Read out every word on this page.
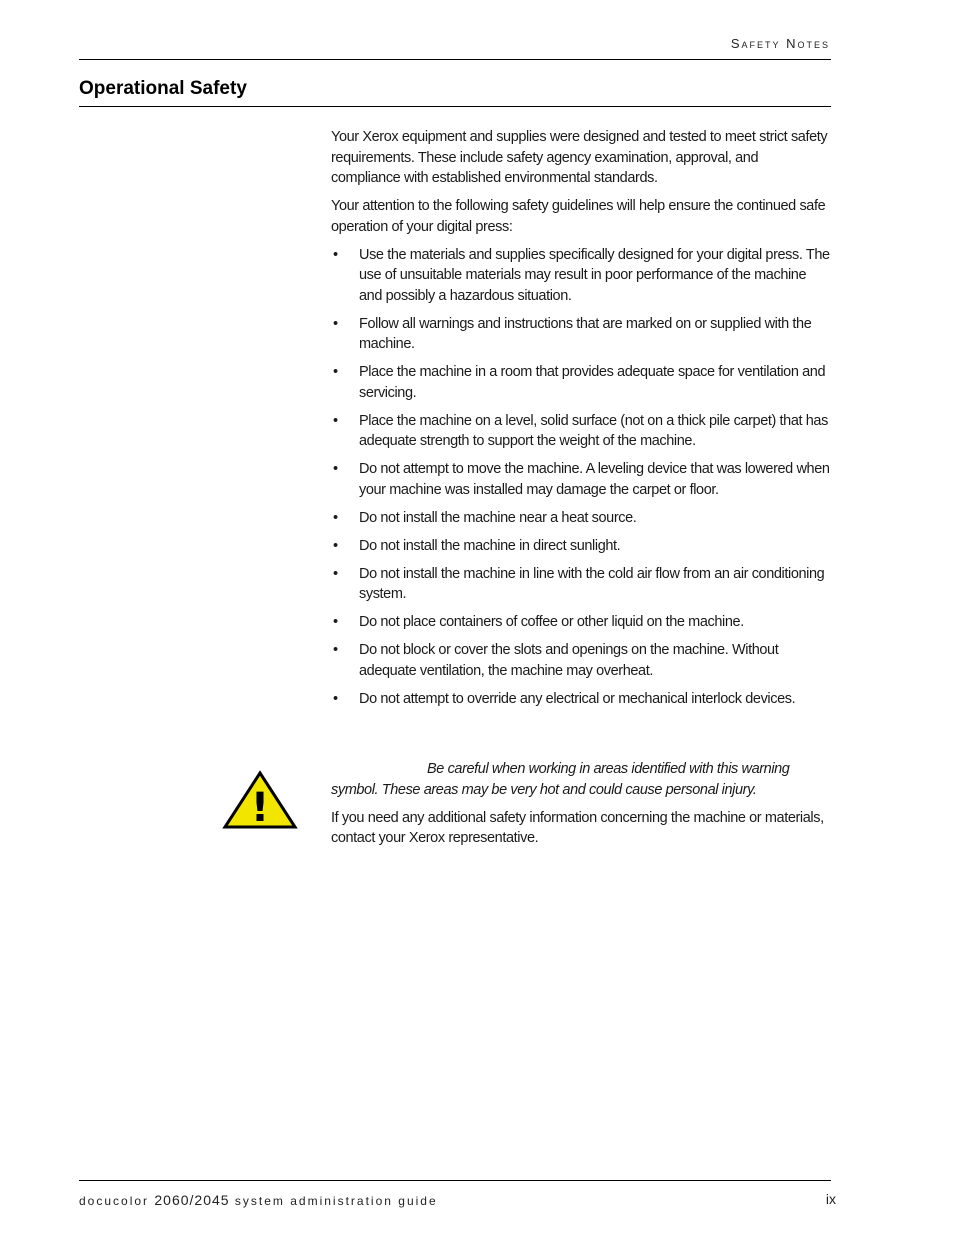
Safety Notes
Operational Safety

Your Xerox equipment and supplies were designed and tested to meet strict safety requirements. These include safety agency examination, approval, and compliance with established environmental standards.

Your attention to the following safety guidelines will help ensure the continued safe operation of your digital press:

• Use the materials and supplies specifically designed for your digital press. The use of unsuitable materials may result in poor performance of the machine and possibly a hazardous situation.
• Follow all warnings and instructions that are marked on or supplied with the machine.
• Place the machine in a room that provides adequate space for ventilation and servicing.
• Place the machine on a level, solid surface (not on a thick pile carpet) that has adequate strength to support the weight of the machine.
• Do not attempt to move the machine. A leveling device that was lowered when your machine was installed may damage the carpet or floor.
• Do not install the machine near a heat source.
• Do not install the machine in direct sunlight.
• Do not install the machine in line with the cold air flow from an air conditioning system.
• Do not place containers of coffee or other liquid on the machine.
• Do not block or cover the slots and openings on the machine. Without adequate ventilation, the machine may overheat.
• Do not attempt to override any electrical or mechanical interlock devices.
!

Be careful when working in areas identified with this warning symbol. These areas may be very hot and could cause personal injury.

If you need any additional safety information concerning the machine or materials, contact your Xerox representative.

docucolor 2060/2045 system administration guide	ix
